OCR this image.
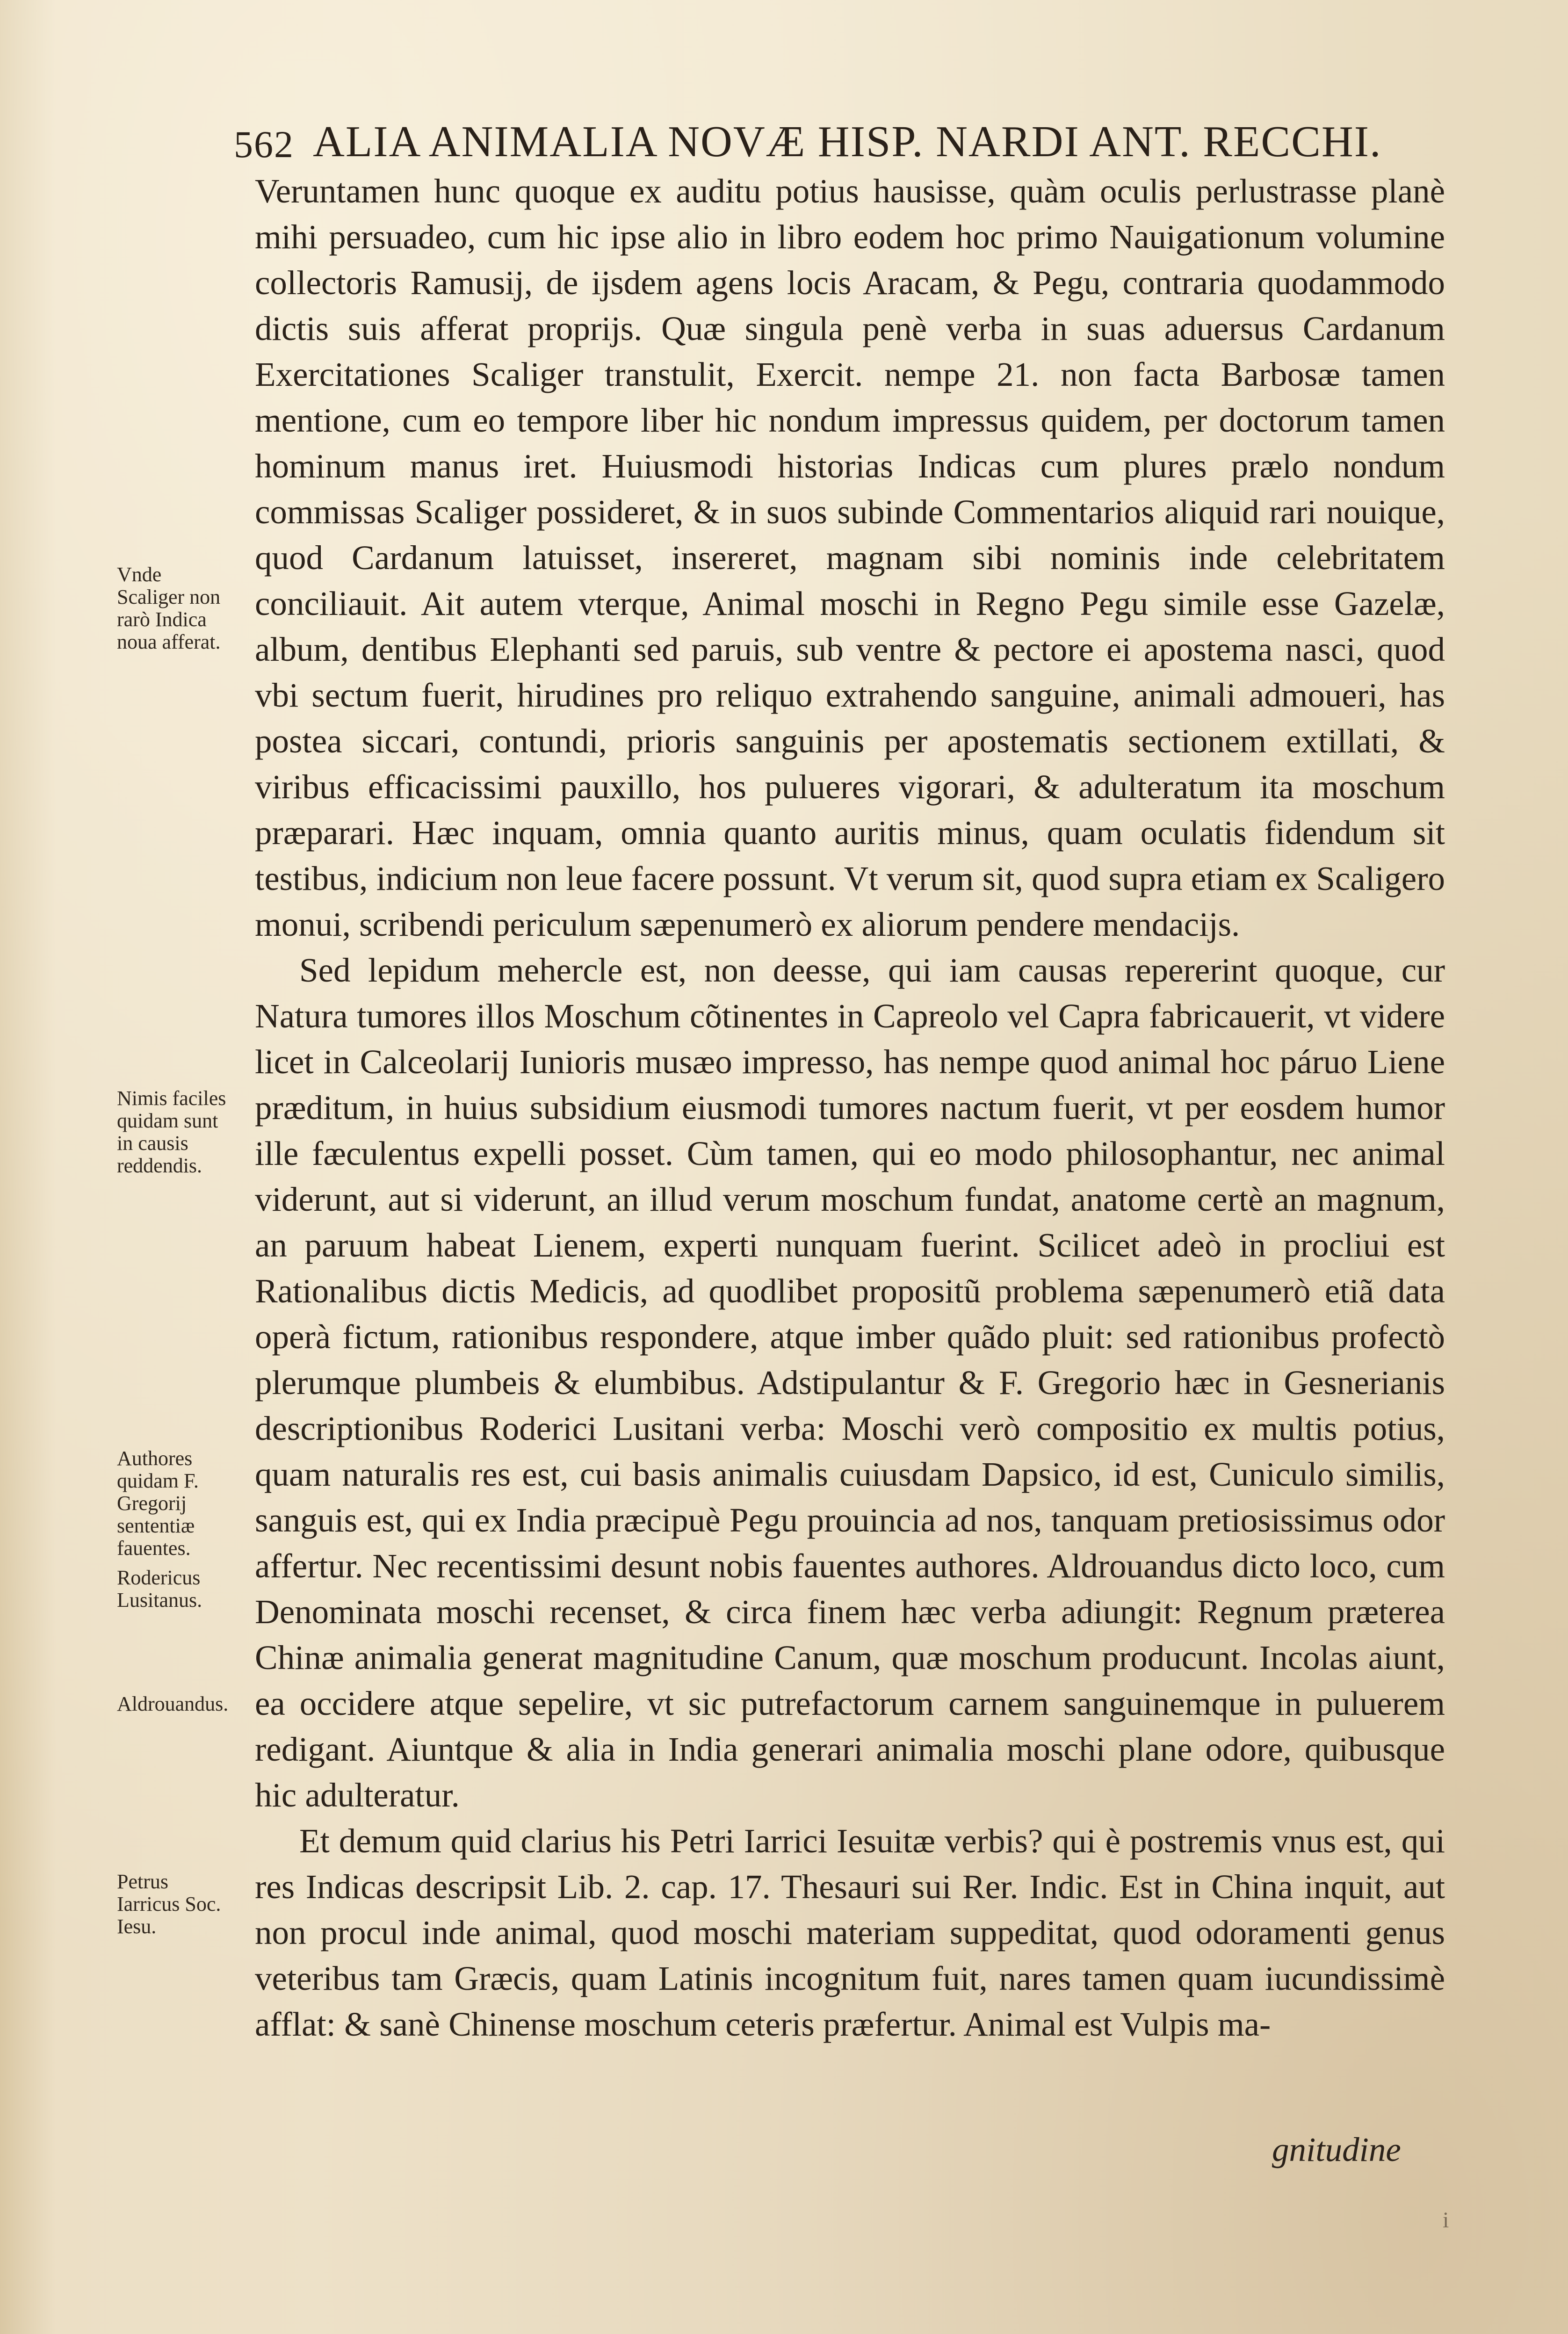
562 ALIA ANIMALIA NOVÆ HISP. NARDI ANT. RECCHI.

Veruntamen hunc quoque ex auditu potius hausisse, quàm oculis perlustrasse planè mihi persuadeo, cum hic ipse alio in libro eodem hoc primo Nauigationum volumine collectoris Ramusij, de ijsdem agens locis Aracam, & Pegu, contraria quodammodo dictis suis afferat proprijs. Quæ singula penè verba in suas aduersus Cardanum Exercitationes Scaliger transtulit, Exercit. nempe 21. non facta Barbosæ tamen mentione, cum eo tempore liber hic nondum impressus quidem, per doctorum tamen hominum manus iret. Huiusmodi historias Indicas cum plures prælo nondum commissas Scaliger possideret, & in suos subinde Commentarios aliquid rari nouique, quod Cardanum latuisset, insereret, magnam sibi nominis inde celebritatem conciliauit. Ait autem vterque, Animal moschi in Regno Pegu simile esse Gazelæ, album, dentibus Elephanti sed paruis, sub ventre & pectore ei apostema nasci, quod vbi sectum fuerit, hirudines pro reliquo extrahendo sanguine, animali admoueri, has postea siccari, contundi, prioris sanguinis per apostematis sectionem extillati, & viribus efficacissimi pauxillo, hos pulueres vigorari, & adulteratum ita moschum præparari. Hæc inquam, omnia quanto auritis minus, quam oculatis fidendum sit testibus, indicium non leue facere possunt. Vt verum sit, quod supra etiam ex Scaligero monui, scribendi periculum sæpenumerò ex aliorum pendere mendacijs.

Sed lepidum mehercle est, non deesse, qui iam causas repererint quoque, cur Natura tumores illos Moschum cõtinentes in Capreolo vel Capra fabricauerit, vt videre licet in Calceolarij Iunioris musæo impresso, has nempe quod animal hoc páruo Liene præditum, in huius subsidium eiusmodi tumores nactum fuerit, vt per eosdem humor ille fæculentus expelli posset. Cùm tamen, qui eo modo philosophantur, nec animal viderunt, aut si viderunt, an illud verum moschum fundat, anatome certè an magnum, an paruum habeat Lienem, experti nunquam fuerint. Scilicet adeò in procliui est Rationalibus dictis Medicis, ad quodlibet propositũ problema sæpenumerò etiã data operà fictum, rationibus respondere, atque imber quãdo pluit: sed rationibus profectò plerumque plumbeis & elumbibus. Adstipulantur & F. Gregorio hæc in Gesnerianis descriptionibus Roderici Lusitani verba: Moschi verò compositio ex multis potius, quam naturalis res est, cui basis animalis cuiusdam Dapsico, id est, Cuniculo similis, sanguis est, qui ex India præcipuè Pegu prouincia ad nos, tanquam pretiosissimus odor affertur. Nec recentissimi desunt nobis fauentes authores. Aldrouandus dicto loco, cum Denominata moschi recenset, & circa finem hæc verba adiungit: Regnum præterea Chinæ animalia generat magnitudine Canum, quæ moschum producunt. Incolas aiunt, ea occidere atque sepelire, vt sic putrefactorum carnem sanguinemque in puluerem redigant. Aiuntque & alia in India generari animalia moschi plane odore, quibusque hic adulteratur.

Et demum quid clarius his Petri Iarrici Iesuitæ verbis? qui è postremis vnus est, qui res Indicas descripsit Lib. 2. cap. 17. Thesauri sui Rer. Indic. Est in China inquit, aut non procul inde animal, quod moschi materiam suppeditat, quod odoramenti genus veteribus tam Græcis, quam Latinis incognitum fuit, nares tamen quam iucundissimè afflat: & sanè Chinense moschum ceteris præfertur. Animal est Vulpis ma-

gnitudine
Vnde Scaliger non rarò Indica noua afferat.
Nimis faciles quidam sunt in causis reddendis.
Authores quidam F. Gregorij sententiæ fauentes.
Rodericus Lusitanus.
Aldrouandus.
Petrus Iarricus Soc. Iesu.
i
